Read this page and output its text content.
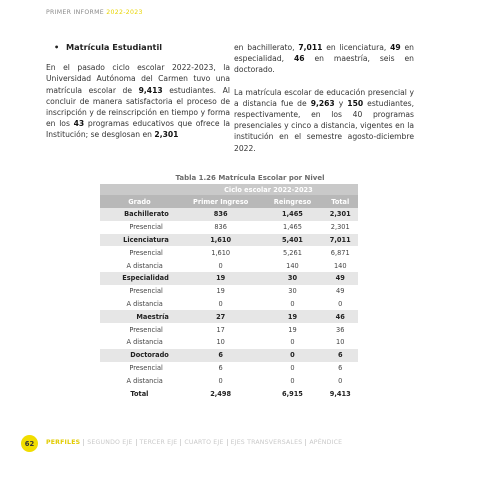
PRIMER INFORME 2022-2023
• Matrícula Estudiantil

En el pasado ciclo escolar 2022-2023, la Universidad Autónoma del Carmen tuvo una matrícula escolar de 9,413 estudiantes. Al concluir de manera satisfactoria el proceso de inscripción y de reinscripción en tiempo y forma en los 43 programas educativos que ofrece la Institución; se desglosan en 2,301

en bachillerato, 7,011 en licenciatura, 49 en especialidad, 46 en maestría, seis en doctorado.

La matrícula escolar de educación presencial y a distancia fue de 9,263 y 150 estudiantes, respectivamente, en los 40 programas presenciales y cinco a distancia, vigentes en la institución en el semestre agosto-diciembre 2022.

Tabla 1.26 Matrícula Escolar por Nivel
	Ciclo escolar 2022-2023		
Grado	Primer Ingreso	Reingreso	Total
Bachillerato	836	1,465	2,301
Presencial	836	1,465	2,301
Licenciatura	1,610	5,401	7,011
Presencial	1,610	5,261	6,871
A distancia	0	140	140
Especialidad	19	30	49
Presencial	19	30	49
A distancia	0	0	0
Maestría	27	19	46
Presencial	17	19	36
A distancia	10	0	10
Doctorado	6	0	6
Presencial	6	0	6
A distancia	0	0	0
Total	2,498	6,915	9,413
62	PERFILES	SEGUNDO EJE	TERCER EJE	CUARTO EJE	EJES TRANSVERSALES	APÉNDICE
